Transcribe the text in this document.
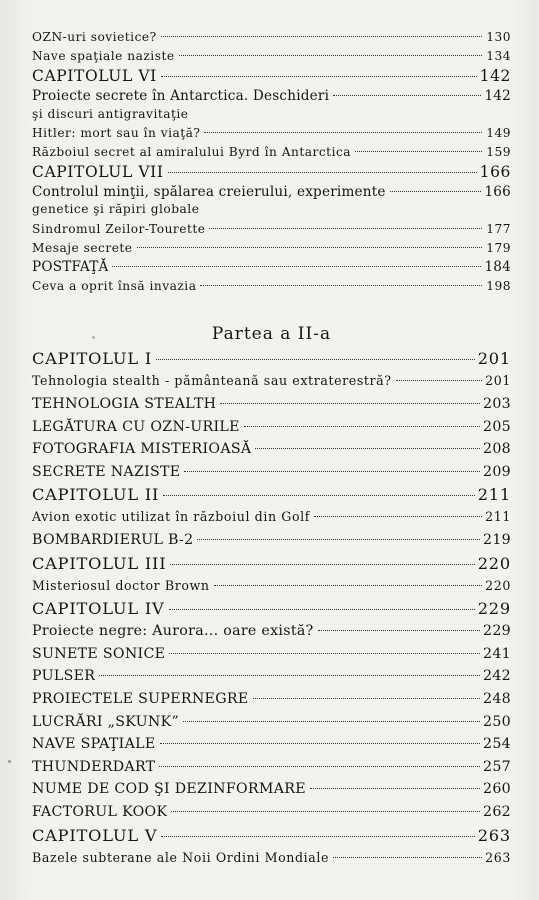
OZN-uri sovietice?	130
Nave spaţiale naziste	134
CAPITOLUL VI	142
Proiecte secrete în Antarctica. Deschideri	142
şi discuri antigravitaţie
Hitler: mort sau în viaţă?	149
Războiul secret al amiralului Byrd în Antarctica	159
CAPITOLUL VII	166
Controlul minţii, spălarea creierului, experimente	166
genetice şi răpiri globale
Sindromul Zeilor-Tourette	177
Mesaje secrete	179
POSTFAŢĂ	184
Ceva a oprit însă invazia	198
Partea a II-a
CAPITOLUL I	201
Tehnologia stealth - pământeană sau extraterestră?	201
TEHNOLOGIA STEALTH	203
LEGĂTURA CU OZN-URILE	205
FOTOGRAFIA MISTERIOASĂ	208
SECRETE NAZISTE	209
CAPITOLUL II	211
Avion exotic utilizat în războiul din Golf	211
BOMBARDIERUL B-2	219
CAPITOLUL III	220
Misteriosul doctor Brown	220
CAPITOLUL IV	229
Proiecte negre: Aurora... oare există?	229
SUNETE SONICE	241
PULSER	242
PROIECTELE SUPERNEGRE	248
LUCRĂRI „SKUNK”	250
NAVE SPAŢIALE	254
THUNDERDART	257
NUME DE COD ŞI DEZINFORMARE	260
FACTORUL KOOK	262
CAPITOLUL V	263
Bazele subterane ale Noii Ordini Mondiale	263
